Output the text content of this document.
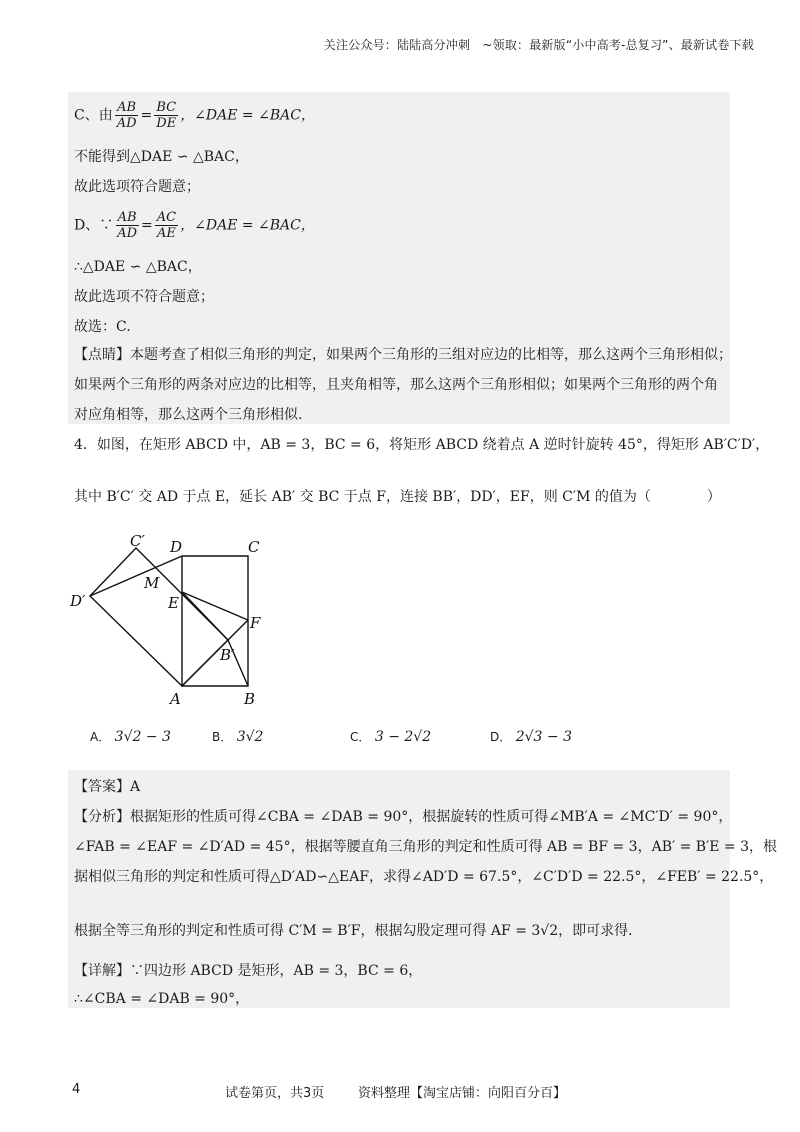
关注公众号：陆陆高分冲刺　~领取：最新版“小中高考-总复习”、最新试卷下载
C、由 $\frac{AB}{AD} = \frac{BC}{DE}$ ，∠DAE = ∠BAC，
不能得到△DAE ∽ △BAC，
故此选项符合题意；
D、∵ $\frac{AB}{AD} = \frac{AC}{AE}$ ，∠DAE = ∠BAC，
∴△DAE ∽ △BAC，
故此选项不符合题意；
故选：C.
【点睛】本题考查了相似三角形的判定，如果两个三角形的三组对应边的比相等，那么这两个三角形相似；
如果两个三角形的两条对应边的比相等，且夹角相等，那么这两个三角形相似；如果两个三角形的两个角
对应角相等，那么这两个三角形相似.
4．如图，在矩形 ABCD 中，AB = 3，BC = 6，将矩形 ABCD 绕着点 A 逆时针旋转 45°，得矩形 AB′C′D′，
其中 B′C′ 交 AD 于点 E，延长 AB′ 交 BC 于点 F，连接 BB′，DD′，EF，则 C′M 的值为（　　　　）
C′ D	C
M
D′	E
F
B′
A	B
A． 3√2 − 3	B． 3√2	C． 3 − 2√2	D． 2√3 − 3
【答案】A
【分析】根据矩形的性质可得∠CBA = ∠DAB = 90°，根据旋转的性质可得∠MB′A = ∠MC′D′ = 90°，
∠FAB = ∠EAF = ∠D′AD = 45°，根据等腰直角三角形的判定和性质可得 AB = BF = 3，AB′ = B′E = 3，根
据相似三角形的判定和性质可得△D′AD∽△EAF，求得∠AD′D = 67.5°，∠C′D′D = 22.5°，∠FEB′ = 22.5°，
根据全等三角形的判定和性质可得 C′M = B′F，根据勾股定理可得 AF = 3√2，即可求得.
【详解】∵四边形 ABCD 是矩形，AB = 3，BC = 6，
∴∠CBA = ∠DAB = 90°，
4	试卷第页，共3页	资料整理【淘宝店铺：向阳百分百】
